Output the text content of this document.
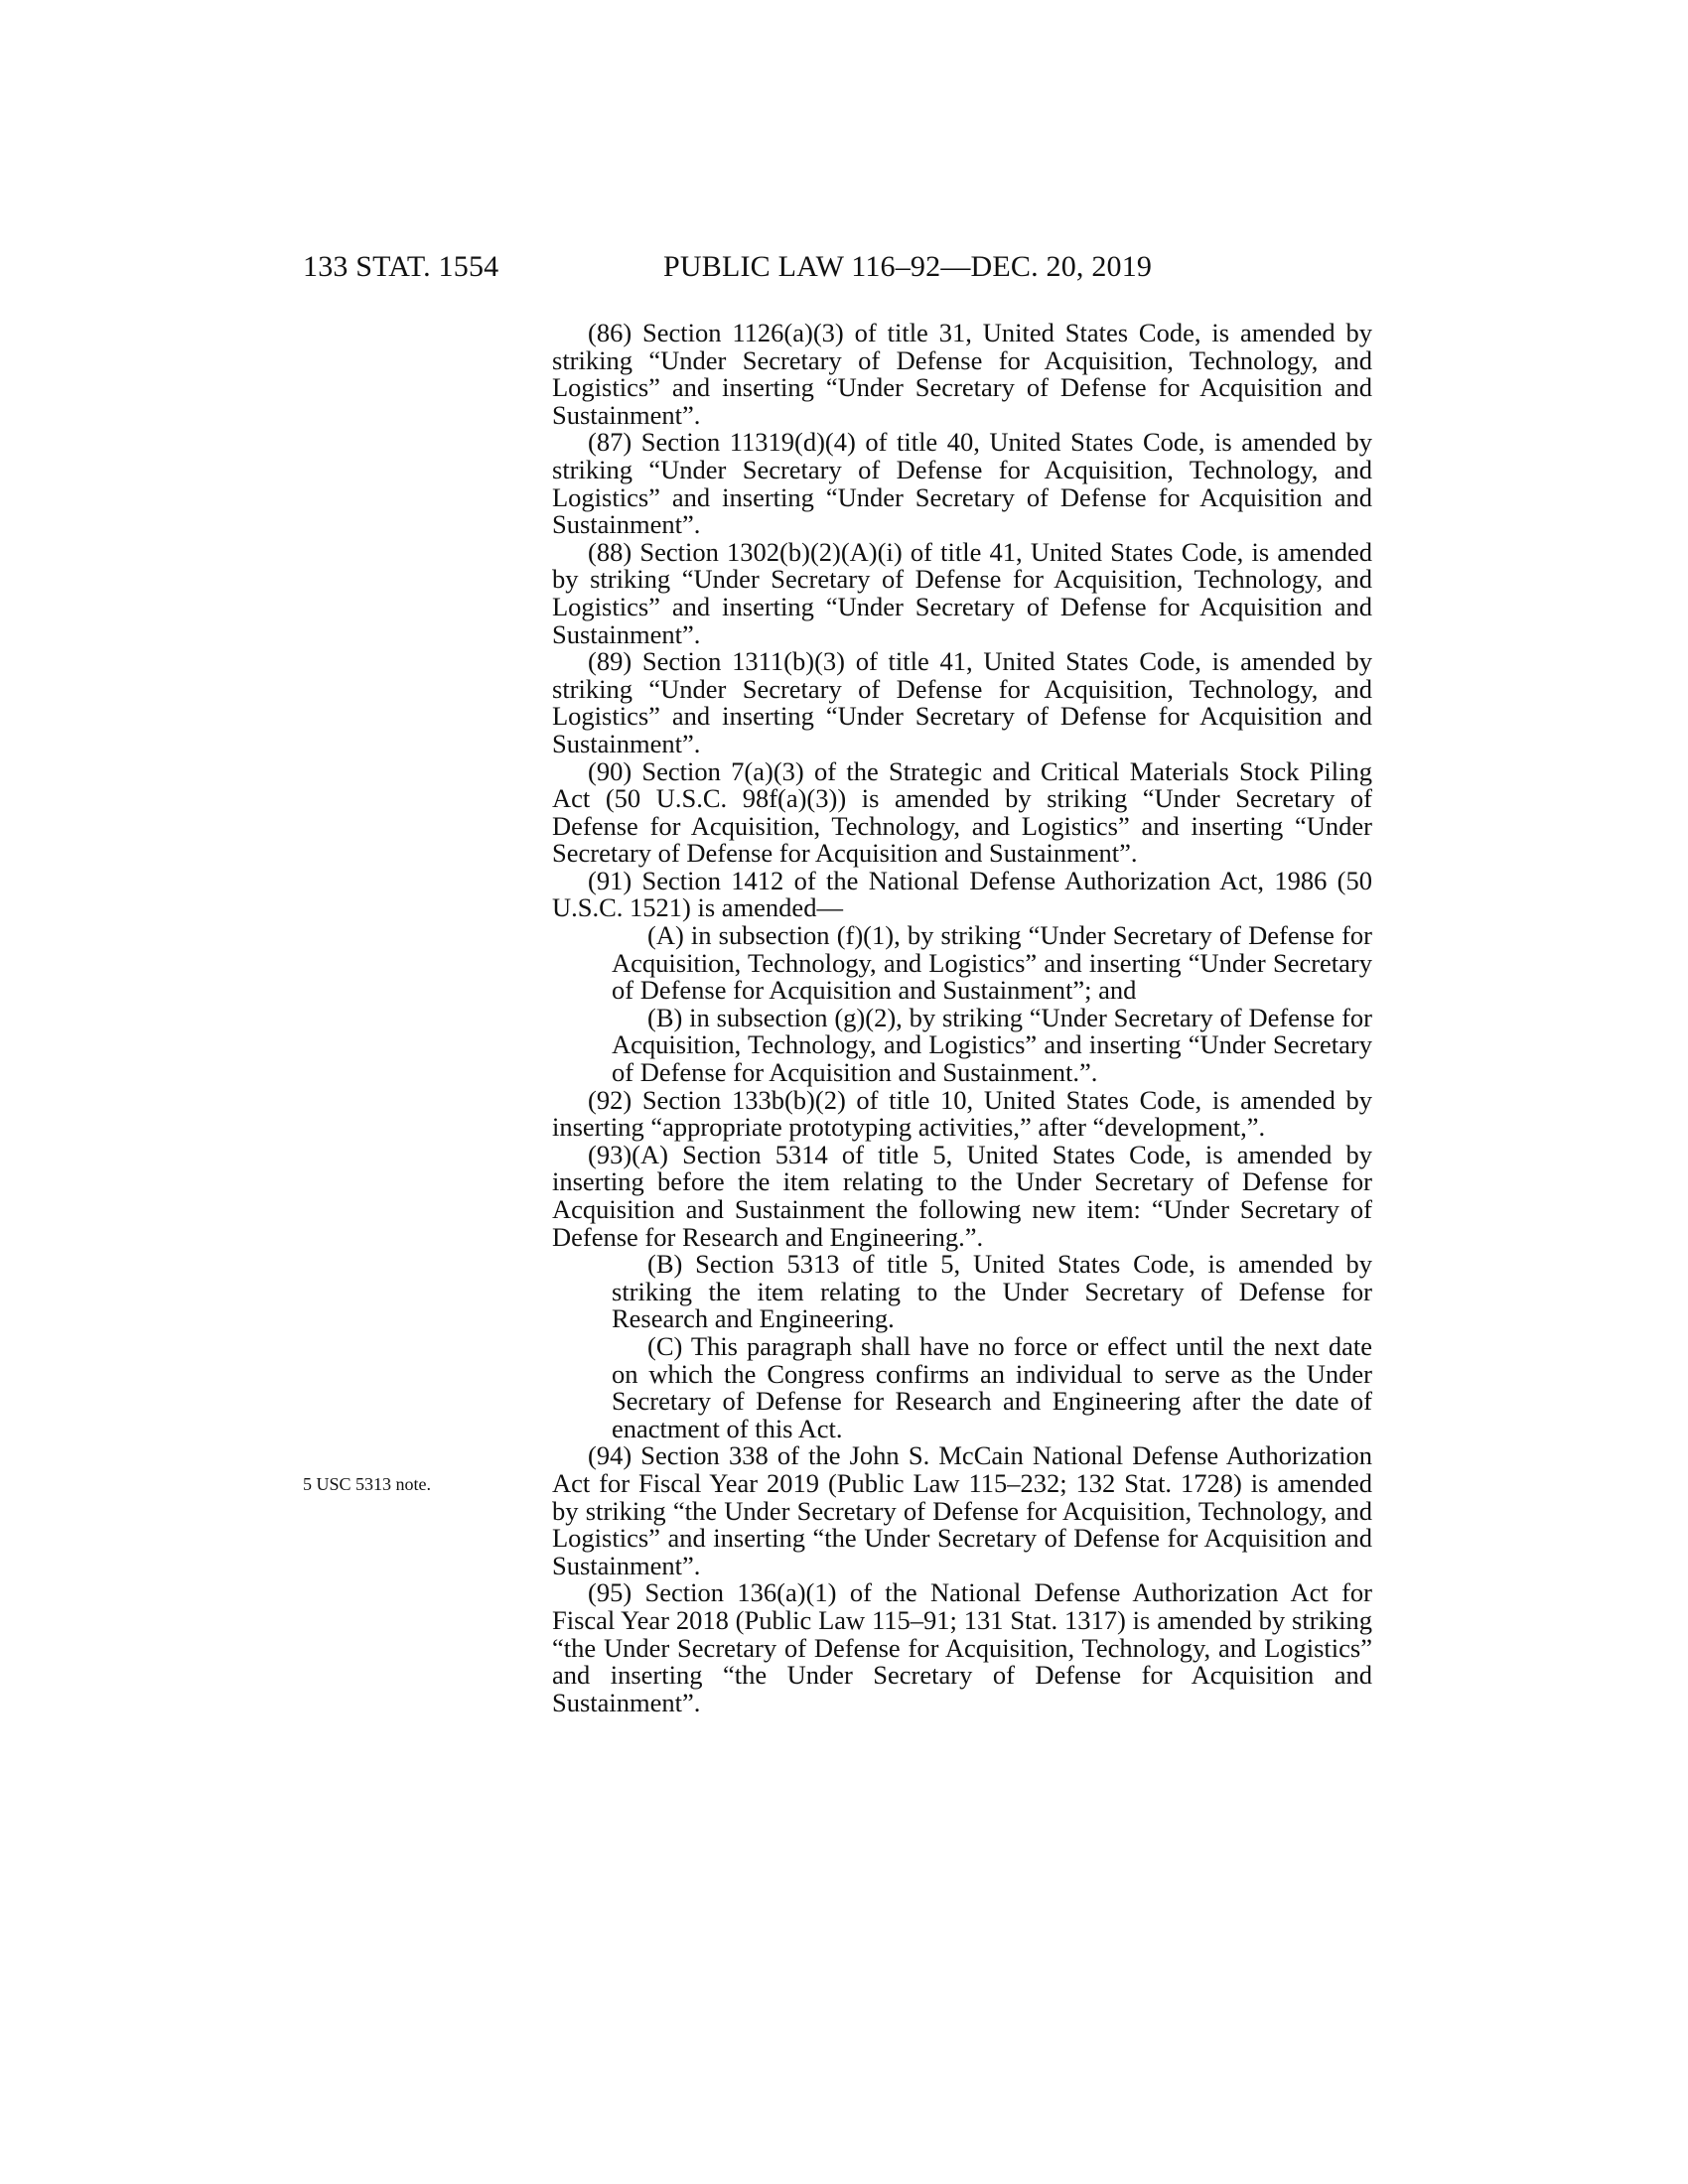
133 STAT. 1554	PUBLIC LAW 116–92—DEC. 20, 2019
5 USC 5313 note.

(86) Section 1126(a)(3) of title 31, United States Code, is amended by striking “Under Secretary of Defense for Acquisition, Technology, and Logistics” and inserting “Under Secretary of Defense for Acquisition and Sustainment”.

(87) Section 11319(d)(4) of title 40, United States Code, is amended by striking “Under Secretary of Defense for Acquisition, Technology, and Logistics” and inserting “Under Secretary of Defense for Acquisition and Sustainment”.

(88) Section 1302(b)(2)(A)(i) of title 41, United States Code, is amended by striking “Under Secretary of Defense for Acquisition, Technology, and Logistics” and inserting “Under Secretary of Defense for Acquisition and Sustainment”.

(89) Section 1311(b)(3) of title 41, United States Code, is amended by striking “Under Secretary of Defense for Acquisition, Technology, and Logistics” and inserting “Under Secretary of Defense for Acquisition and Sustainment”.

(90) Section 7(a)(3) of the Strategic and Critical Materials Stock Piling Act (50 U.S.C. 98f(a)(3)) is amended by striking “Under Secretary of Defense for Acquisition, Technology, and Logistics” and inserting “Under Secretary of Defense for Acquisition and Sustainment”.

(91) Section 1412 of the National Defense Authorization Act, 1986 (50 U.S.C. 1521) is amended—

(A) in subsection (f)(1), by striking “Under Secretary of Defense for Acquisition, Technology, and Logistics” and inserting “Under Secretary of Defense for Acquisition and Sustainment”; and

(B) in subsection (g)(2), by striking “Under Secretary of Defense for Acquisition, Technology, and Logistics” and inserting “Under Secretary of Defense for Acquisition and Sustainment.”.

(92) Section 133b(b)(2) of title 10, United States Code, is amended by inserting “appropriate prototyping activities,” after “development,”.

(93)(A) Section 5314 of title 5, United States Code, is amended by inserting before the item relating to the Under Secretary of Defense for Acquisition and Sustainment the following new item: “Under Secretary of Defense for Research and Engineering.”.

(B) Section 5313 of title 5, United States Code, is amended by striking the item relating to the Under Secretary of Defense for Research and Engineering.

(C) This paragraph shall have no force or effect until the next date on which the Congress confirms an individual to serve as the Under Secretary of Defense for Research and Engineering after the date of enactment of this Act.

(94) Section 338 of the John S. McCain National Defense Authorization Act for Fiscal Year 2019 (Public Law 115–232; 132 Stat. 1728) is amended by striking “the Under Secretary of Defense for Acquisition, Technology, and Logistics” and inserting “the Under Secretary of Defense for Acquisition and Sustainment”.

(95) Section 136(a)(1) of the National Defense Authorization Act for Fiscal Year 2018 (Public Law 115–91; 131 Stat. 1317) is amended by striking “the Under Secretary of Defense for Acquisition, Technology, and Logistics” and inserting “the Under Secretary of Defense for Acquisition and Sustainment”.
